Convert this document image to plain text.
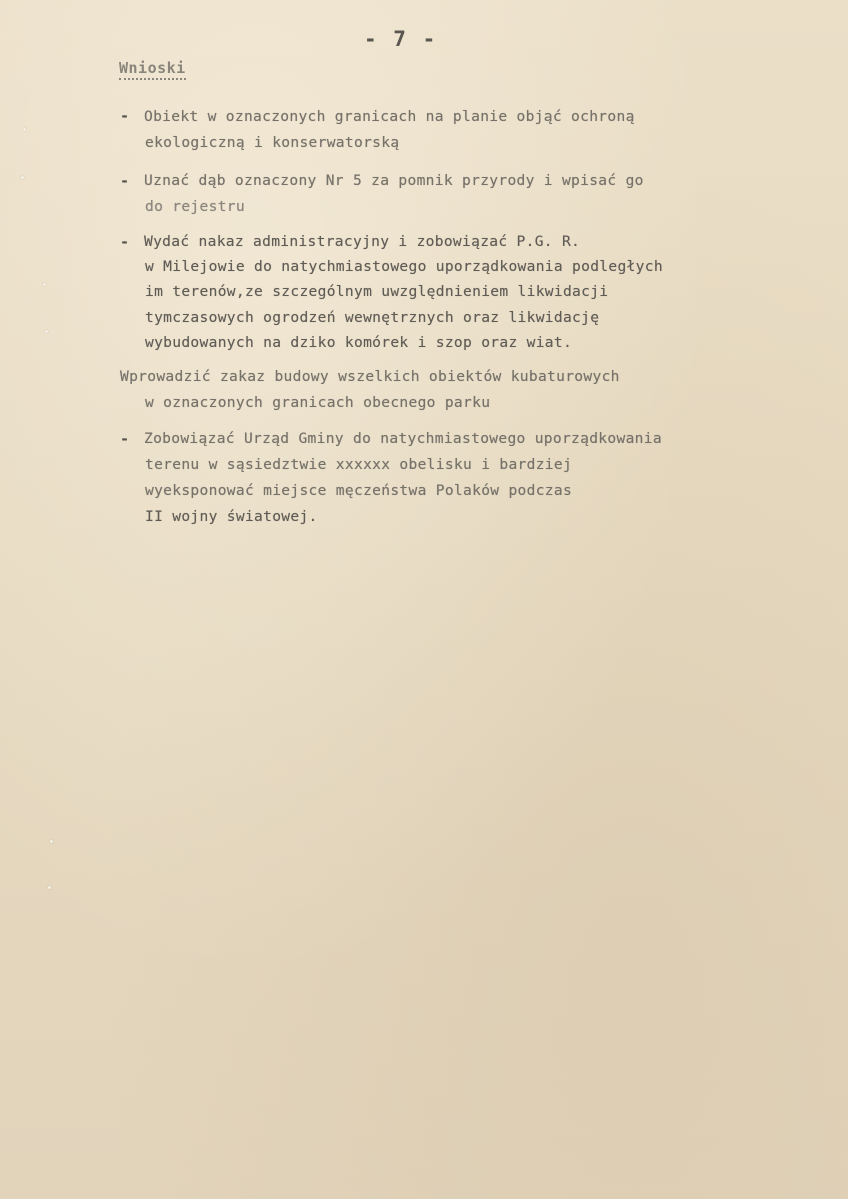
- 7 -
Wnioski
- Obiekt w oznaczonych granicach na planie objąć ochroną
ekologiczną i konserwatorską
- Uznać dąb oznaczony Nr 5 za pomnik przyrody i wpisać go
do rejestru
- Wydać nakaz administracyjny i zobowiązać P.G. R.
w Milejowie do natychmiastowego uporządkowania podległych
im terenów,ze szczególnym uwzględnieniem likwidacji
tymczasowych ogrodzeń wewnętrznych oraz likwidację
wybudowanych na dziko komórek i szop oraz wiat.
Wprowadzić zakaz budowy wszelkich obiektów kubaturowych
w oznaczonych granicach obecnego parku
- Zobowiązać Urząd Gminy do natychmiastowego uporządkowania
terenu w sąsiedztwie xxxxxx obelisku i bardziej
wyeksponować miejsce męczeństwa Polaków podczas
II wojny światowej.
